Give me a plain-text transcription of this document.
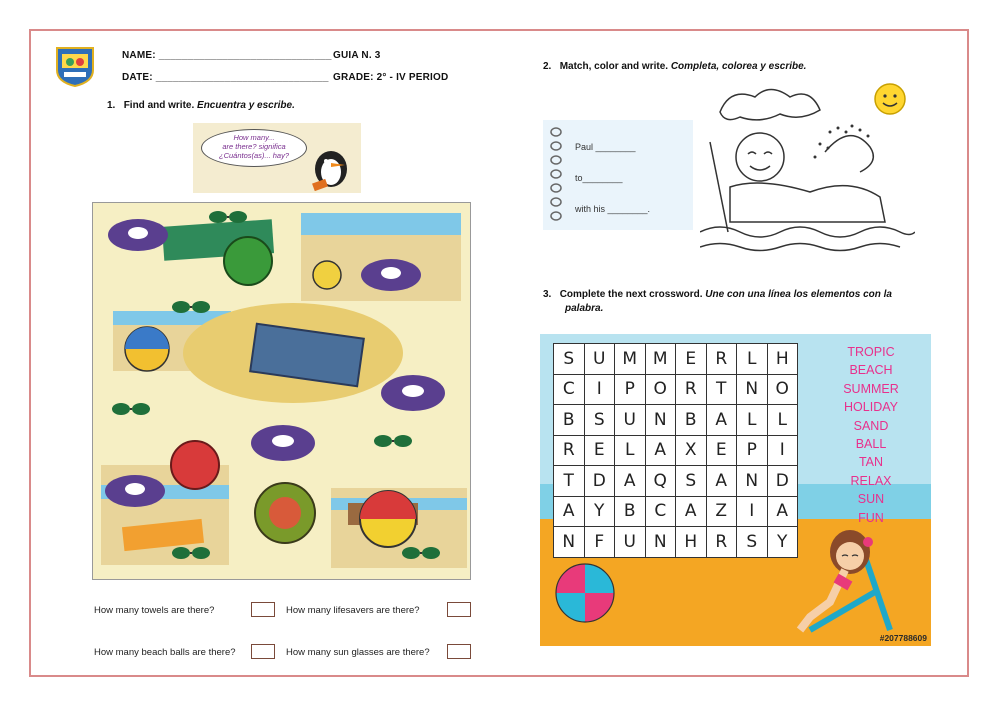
NAME: ______________________________
DATE: ______________________________
GUIA N. 3
GRADE: 2° - IV PERIOD
1. Find and write. Encuentra y escribe.
How many...
are there? significa
¿Cuántos(as)... hay?
How many towels are there?	How many lifesavers are there?
How many beach balls are there?	How many sun glasses are there?
2. Match, color and write. Completa, colorea y escribe.
Paul ________
to________
with his ________.
3. Complete the next crossword. Une con una línea los elementos con la
palabra.
S	U	M	M	E	R	L	H
C	I	P	O	R	T	N	O
B	S	U	N	B	A	L	L
R	E	L	A	X	E	P	I
T	D	A	Q	S	A	N	D
A	Y	B	C	A	Z	I	A
N	F	U	N	H	R	S	Y
TROPIC
BEACH
SUMMER
HOLIDAY
SAND
BALL
TAN
RELAX
SUN
FUN
#207788609
